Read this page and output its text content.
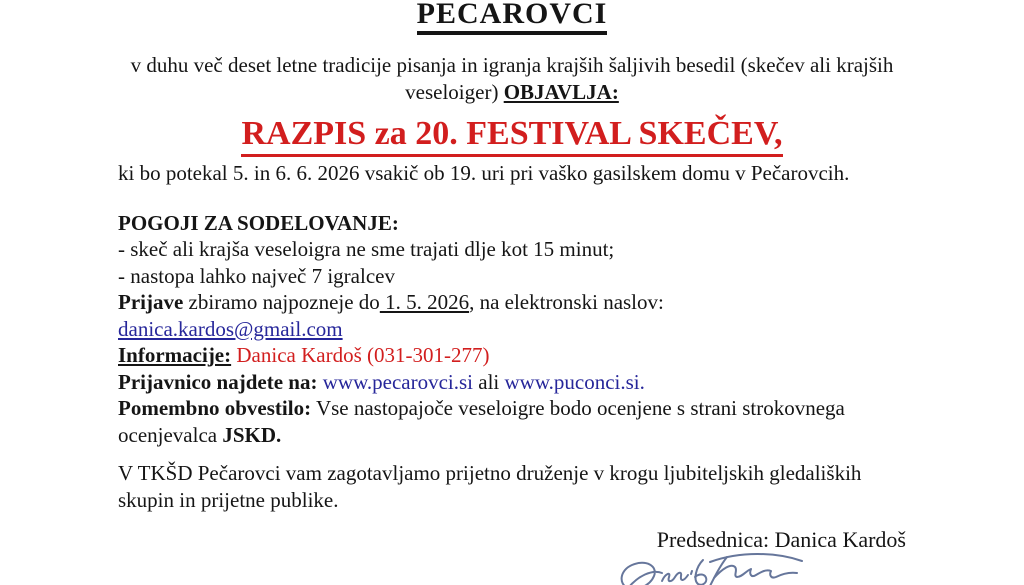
PECAROVCI

v duhu več deset letne tradicije pisanja in igranja krajših šaljivih besedil (skečev ali krajših veseloiger) OBJAVLJA:

RAZPIS za 20. FESTIVAL SKEČEV,

ki bo potekal 5. in 6. 6. 2026 vsakič ob 19. uri pri vaško gasilskem domu v Pečarovcih.

POGOJI ZA SODELOVANJE:
- skeč ali krajša veseloigra ne sme trajati dlje kot 15 minut;
- nastopa lahko največ 7 igralcev
Prijave zbiramo najpozneje do 1. 5. 2026, na elektronski naslov:
danica.kardos@gmail.com
Informacije: Danica Kardoš (031-301-277)
Prijavnico najdete na: www.pecarovci.si ali www.puconci.si.
Pomembno obvestilo: Vse nastopajoče veseloigre bodo ocenjene s strani strokovnega ocenjevalca JSKD.

V TKŠD Pečarovci vam zagotavljamo prijetno druženje v krogu ljubiteljskih gledaliških skupin in prijetne publike.

Predsednica: Danica Kardoš
